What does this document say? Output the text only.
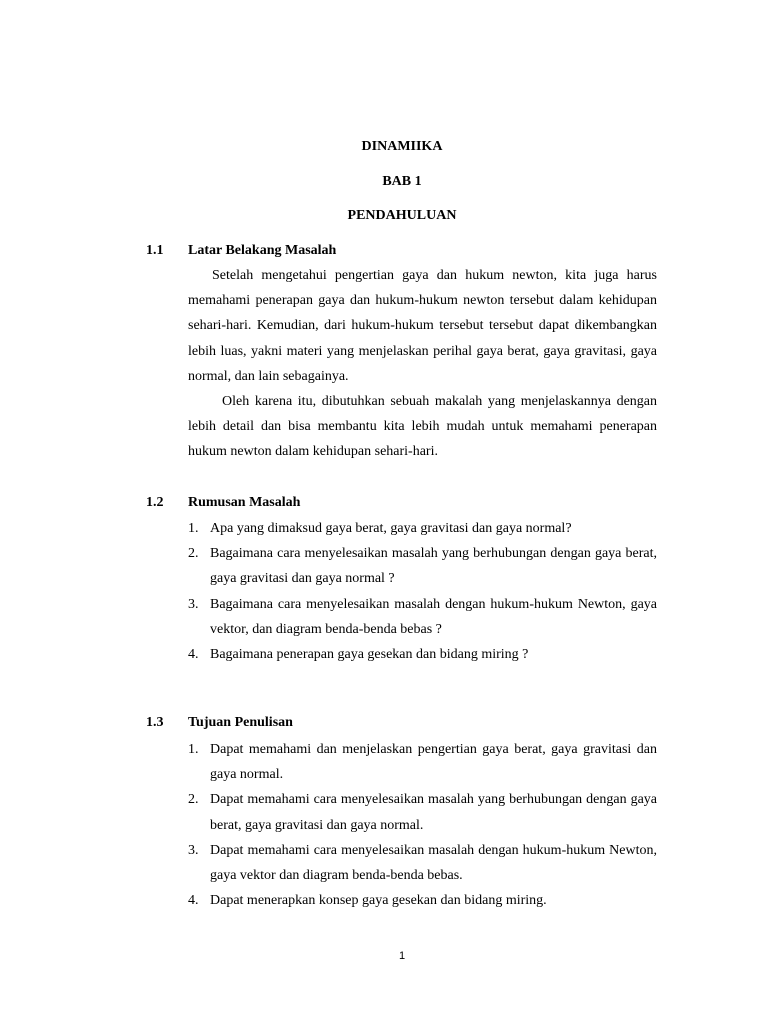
DINAMIIKA
BAB 1
PENDAHULUAN
1.1 Latar Belakang Masalah

Setelah mengetahui pengertian gaya dan hukum newton, kita juga harus memahami penerapan gaya dan hukum-hukum newton tersebut dalam kehidupan sehari-hari. Kemudian, dari hukum-hukum tersebut tersebut dapat dikembangkan lebih luas, yakni materi yang menjelaskan perihal gaya berat, gaya gravitasi, gaya normal, dan lain sebagainya.

Oleh karena itu, dibutuhkan sebuah makalah yang menjelaskannya dengan lebih detail dan bisa membantu kita lebih mudah untuk memahami penerapan hukum newton dalam kehidupan sehari-hari.

1.2 Rumusan Masalah
1. Apa yang dimaksud gaya berat, gaya gravitasi dan gaya normal?
2. Bagaimana cara menyelesaikan masalah yang berhubungan dengan gaya berat, gaya gravitasi dan gaya normal ?
3. Bagaimana cara menyelesaikan masalah dengan hukum-hukum Newton, gaya vektor, dan diagram benda-benda bebas ?
4. Bagaimana penerapan gaya gesekan dan bidang miring ?
1.3 Tujuan Penulisan
1. Dapat memahami dan menjelaskan pengertian gaya berat, gaya gravitasi dan gaya normal.
2. Dapat memahami cara menyelesaikan masalah yang berhubungan dengan gaya berat, gaya gravitasi dan gaya normal.
3. Dapat memahami cara menyelesaikan masalah dengan hukum-hukum Newton, gaya vektor dan diagram benda-benda bebas.
4. Dapat menerapkan konsep gaya gesekan dan bidang miring.
1
